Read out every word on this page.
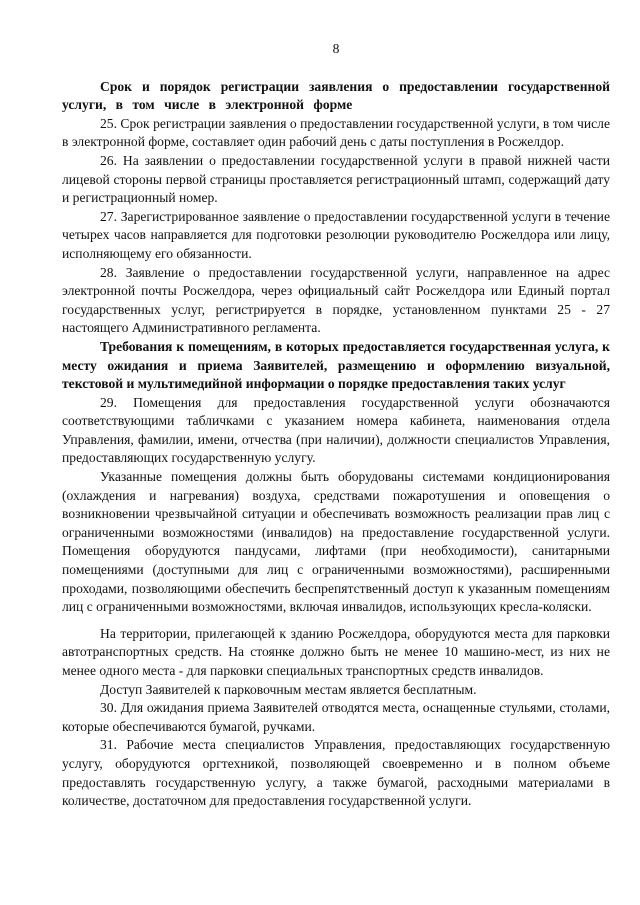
8
Срок и порядок регистрации заявления о предоставлении государственной услуги, в том числе в электронной форме

25. Срок регистрации заявления о предоставлении государственной услуги, в том числе в электронной форме, составляет один рабочий день с даты поступления в Росжелдор.

26. На заявлении о предоставлении государственной услуги в правой нижней части лицевой стороны первой страницы проставляется регистрационный штамп, содержащий дату и регистрационный номер.

27. Зарегистрированное заявление о предоставлении государственной услуги в течение четырех часов направляется для подготовки резолюции руководителю Росжелдора или лицу, исполняющему его обязанности.

28. Заявление о предоставлении государственной услуги, направленное на адрес электронной почты Росжелдора, через официальный сайт Росжелдора или Единый портал государственных услуг, регистрируется в порядке, установленном пунктами 25 - 27 настоящего Административного регламента.

Требования к помещениям, в которых предоставляется государственная услуга, к месту ожидания и приема Заявителей, размещению и оформлению визуальной, текстовой и мультимедийной информации о порядке предоставления таких услуг

29. Помещения для предоставления государственной услуги обозначаются соответствующими табличками с указанием номера кабинета, наименования отдела Управления, фамилии, имени, отчества (при наличии), должности специалистов Управления, предоставляющих государственную услугу.

Указанные помещения должны быть оборудованы системами кондиционирования (охлаждения и нагревания) воздуха, средствами пожаротушения и оповещения о возникновении чрезвычайной ситуации и обеспечивать возможность реализации прав лиц с ограниченными возможностями (инвалидов) на предоставление государственной услуги. Помещения оборудуются пандусами, лифтами (при необходимости), санитарными помещениями (доступными для лиц с ограниченными возможностями), расширенными проходами, позволяющими обеспечить беспрепятственный доступ к указанным помещениям лиц с ограниченными возможностями, включая инвалидов, использующих кресла-коляски.

На территории, прилегающей к зданию Росжелдора, оборудуются места для парковки автотранспортных средств. На стоянке должно быть не менее 10 машино-мест, из них не менее одного места - для парковки специальных транспортных средств инвалидов.

Доступ Заявителей к парковочным местам является бесплатным.

30. Для ожидания приема Заявителей отводятся места, оснащенные стульями, столами, которые обеспечиваются бумагой, ручками.

31. Рабочие места специалистов Управления, предоставляющих государственную услугу, оборудуются оргтехникой, позволяющей своевременно и в полном объеме предоставлять государственную услугу, а также бумагой, расходными материалами в количестве, достаточном для предоставления государственной услуги.
